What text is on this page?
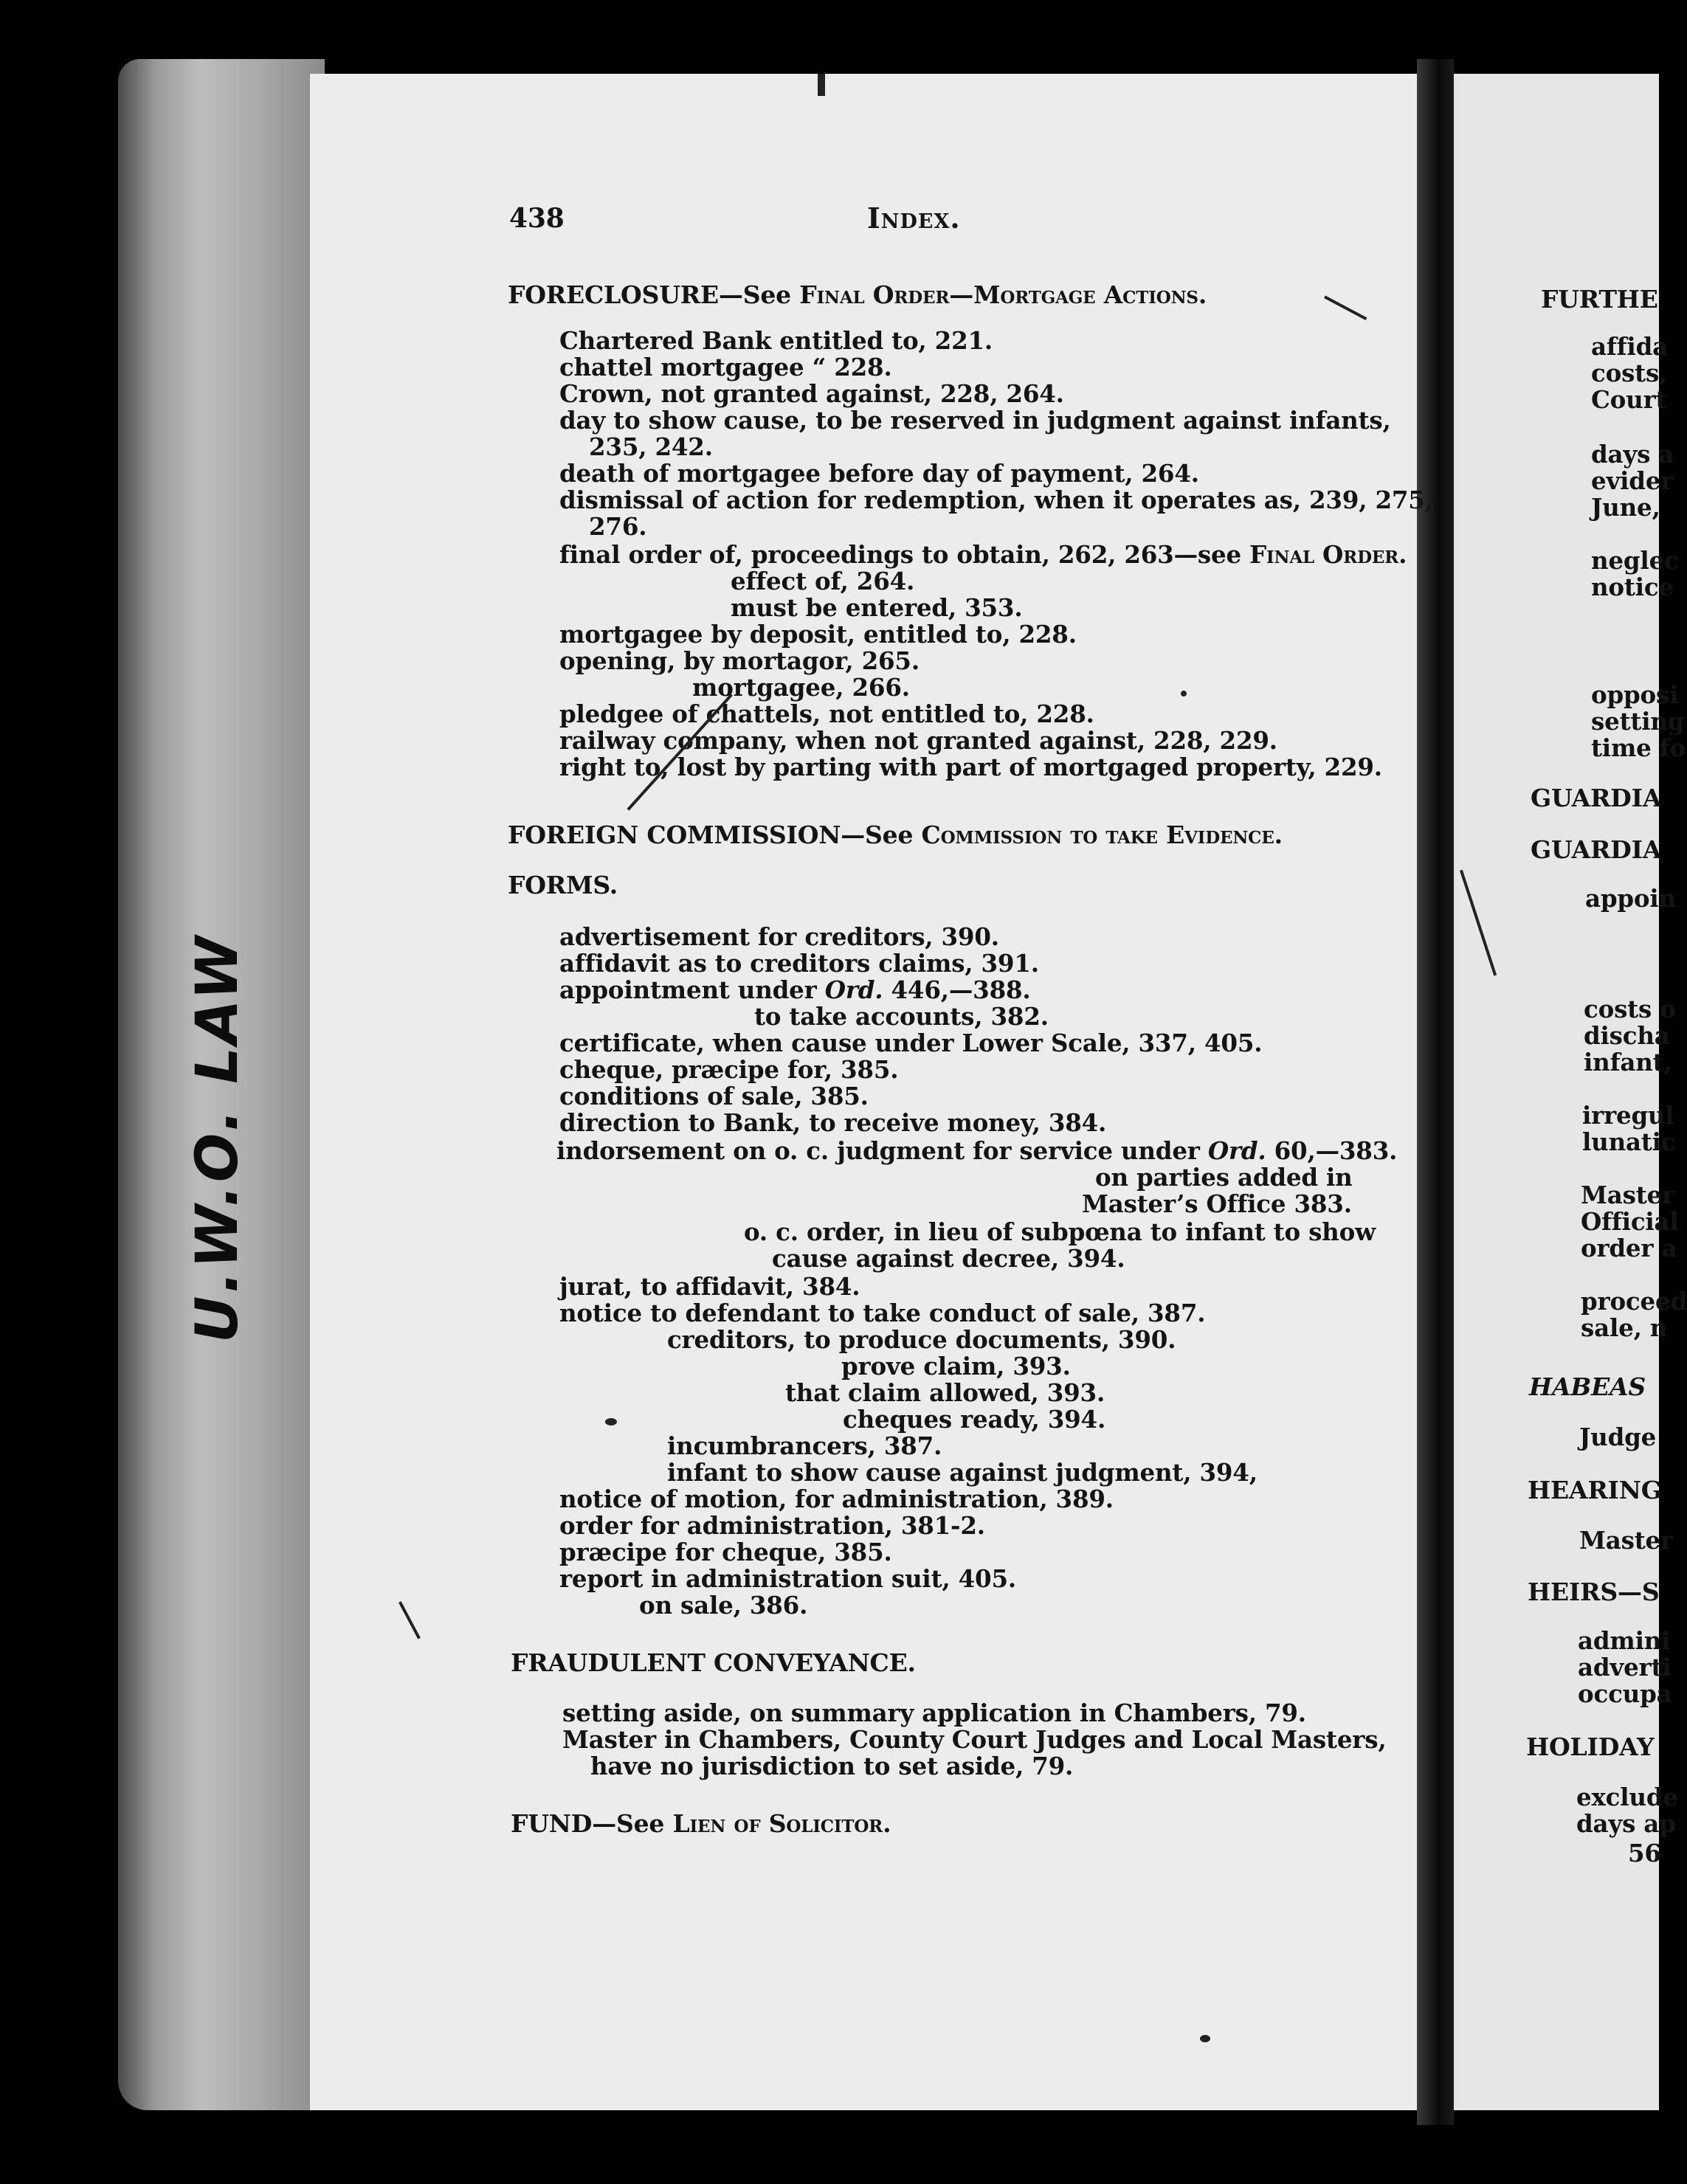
U.W.O. LAW
438	Index.
FORECLOSURE—See Final Order—Mortgage Actions.
Chartered Bank entitled to, 221.
chattel mortgagee “ 228.
Crown, not granted against, 228, 264.
day to show cause, to be reserved in judgment against infants,
235, 242.
death of mortgagee before day of payment, 264.
dismissal of action for redemption, when it operates as, 239, 275,
276.
final order of, proceedings to obtain, 262, 263—see Final Order.
effect of, 264.
must be entered, 353.
mortgagee by deposit, entitled to, 228.
opening, by mortagor, 265.
mortgagee, 266.
pledgee of chattels, not entitled to, 228.
railway company, when not granted against, 228, 229.
right to, lost by parting with part of mortgaged property, 229.
FOREIGN COMMISSION—See Commission to take Evidence.
FORMS.
advertisement for creditors, 390.
affidavit as to creditors claims, 391.
appointment under Ord. 446,—388.
to take accounts, 382.
certificate, when cause under Lower Scale, 337, 405.
cheque, præcipe for, 385.
conditions of sale, 385.
direction to Bank, to receive money, 384.
indorsement on o. c. judgment for service under Ord. 60,—383.
on parties added in
Master’s Office 383.
o. c. order, in lieu of subpœna to infant to show
cause against decree, 394.
jurat, to affidavit, 384.
notice to defendant to take conduct of sale, 387.
creditors, to produce documents, 390.
prove claim, 393.
that claim allowed, 393.
cheques ready, 394.
incumbrancers, 387.
infant to show cause against judgment, 394,
notice of motion, for administration, 389.
order for administration, 381-2.
præcipe for cheque, 385.
report in administration suit, 405.
on sale, 386.
FRAUDULENT CONVEYANCE.
setting aside, on summary application in Chambers, 79.
Master in Chambers, County Court Judges and Local Masters,
have no jurisdiction to set aside, 79.
FUND—See Lien of Solicitor.
FURTHE
affida
costs,
Court
days a
evider
June,
neglec
notice
opposi
setting
time fo
GUARDIA
GUARDIA
appoin
costs o
discha
infant,
irregul
lunatic
Master
Official
order a
proceed
sale, n
HABEAS
Judge
HEARING
Master
HEIRS—S
admini
adverti
occupa
HOLIDAY
exclude
days ap
56
